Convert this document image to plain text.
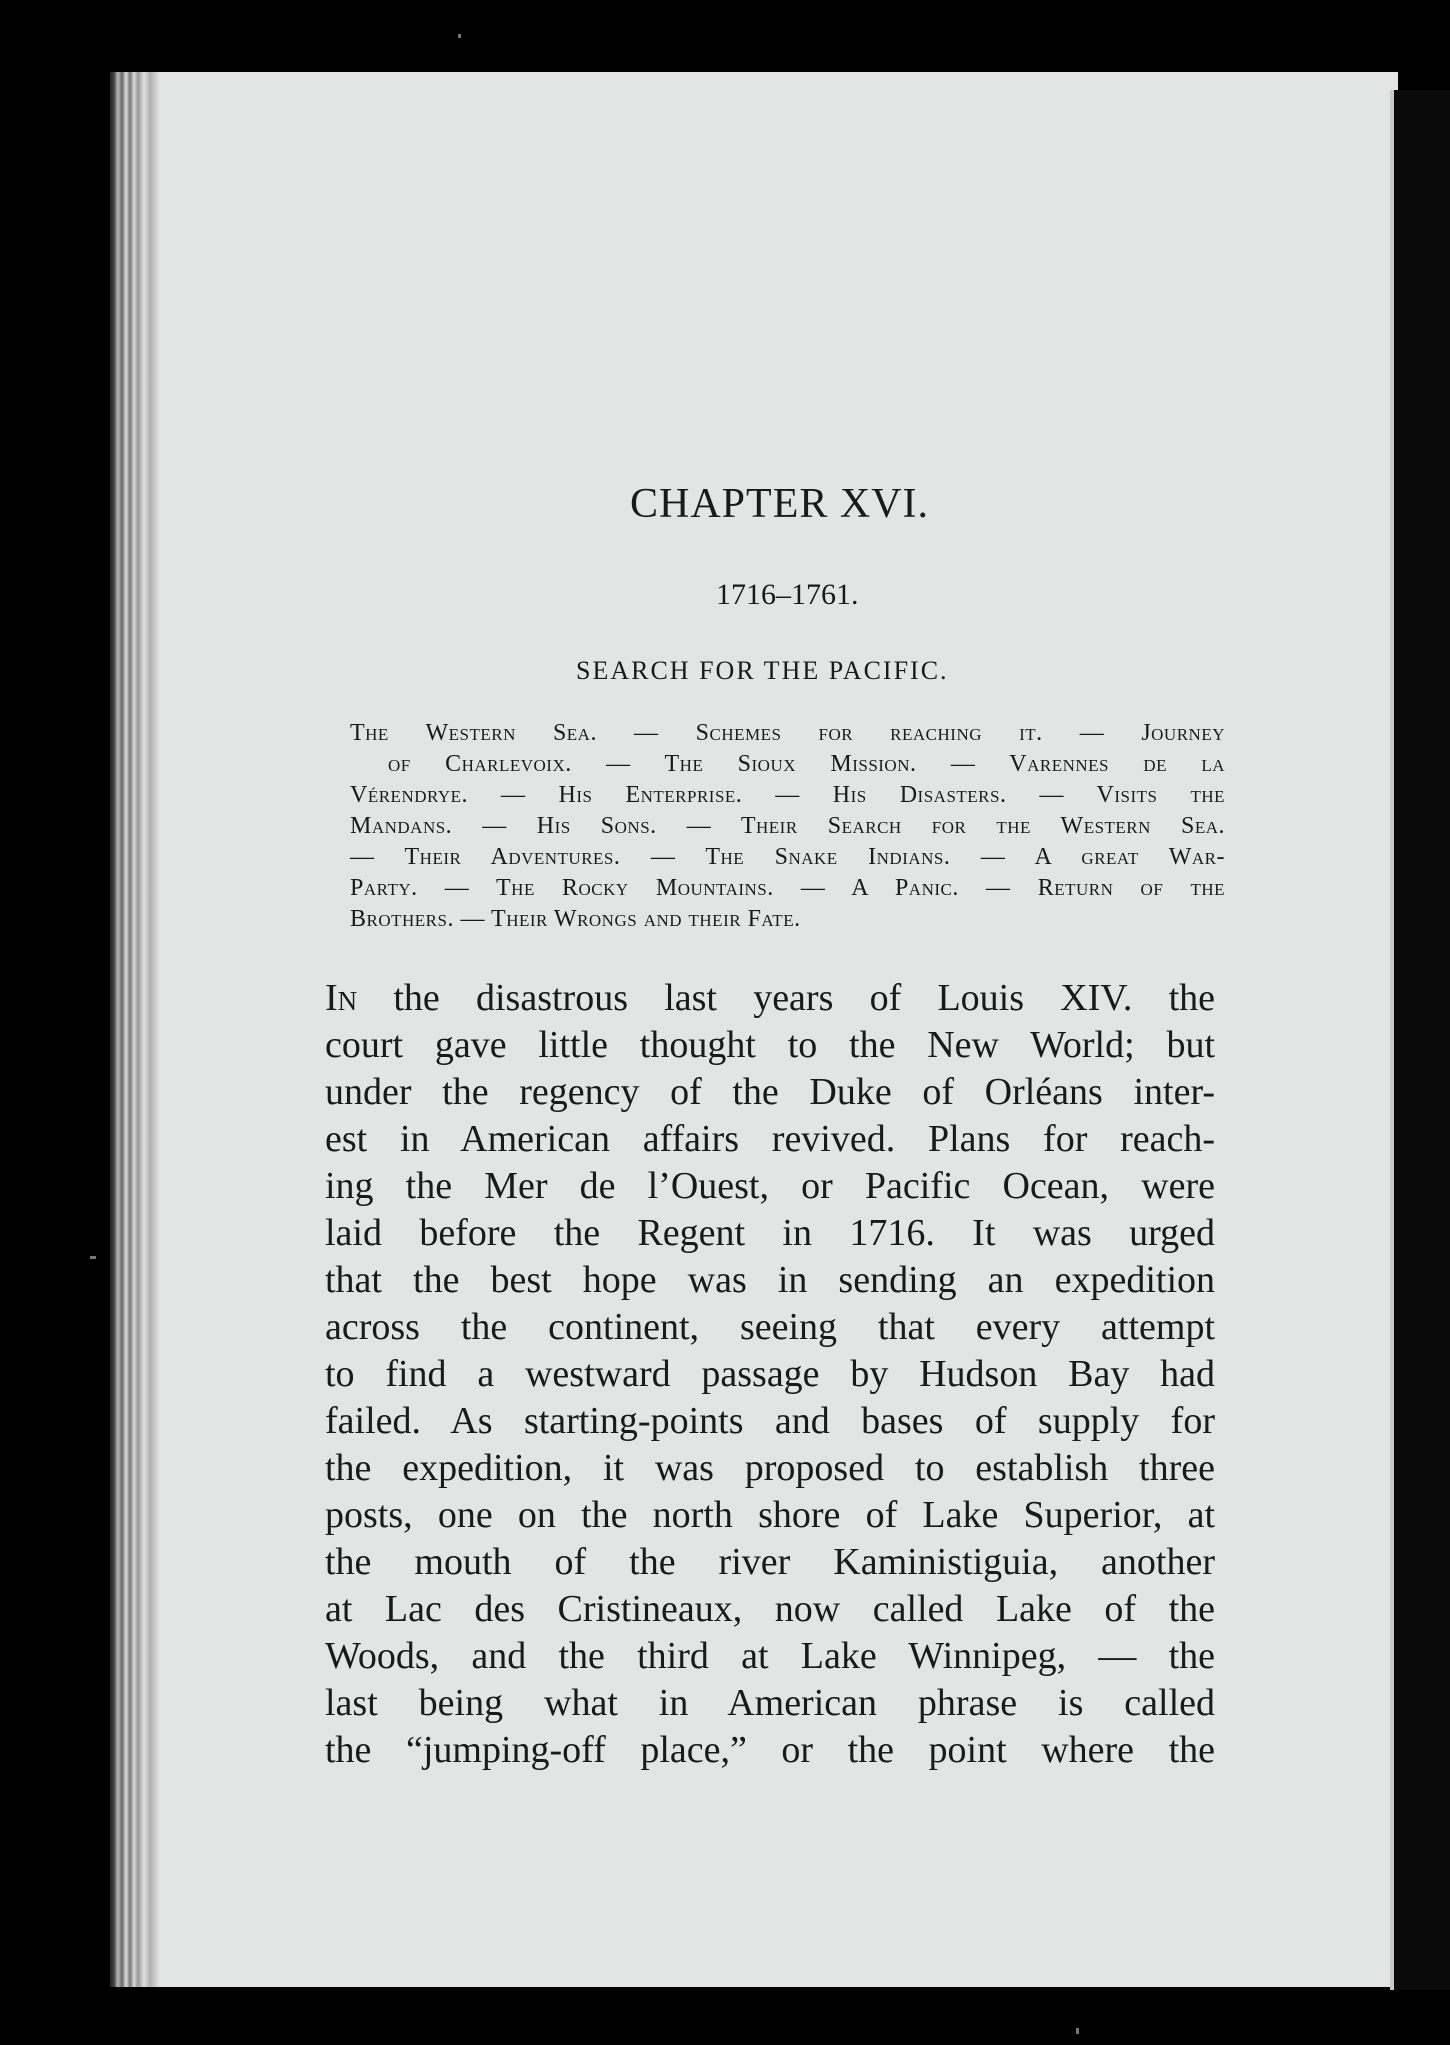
CHAPTER XVI.
1716–1761.
SEARCH FOR THE PACIFIC.
The Western Sea. — Schemes for reaching it. — Journey
of Charlevoix. — The Sioux Mission. — Varennes de la
Vérendrye. — His Enterprise. — His Disasters. — Visits the
Mandans. — His Sons. — Their Search for the Western Sea.
— Their Adventures. — The Snake Indians. — A great War-
Party. — The Rocky Mountains. — A Panic. — Return of the
Brothers. — Their Wrongs and their Fate.
In the disastrous last years of Louis XIV. the
court gave little thought to the New World; but
under the regency of the Duke of Orléans inter-
est in American affairs revived. Plans for reach-
ing the Mer de l’Ouest, or Pacific Ocean, were
laid before the Regent in 1716. It was urged
that the best hope was in sending an expedition
across the continent, seeing that every attempt
to find a westward passage by Hudson Bay had
failed. As starting-points and bases of supply for
the expedition, it was proposed to establish three
posts, one on the north shore of Lake Superior, at
the mouth of the river Kaministiguia, another
at Lac des Cristineaux, now called Lake of the
Woods, and the third at Lake Winnipeg, — the
last being what in American phrase is called
the “jumping-off place,” or the point where the
